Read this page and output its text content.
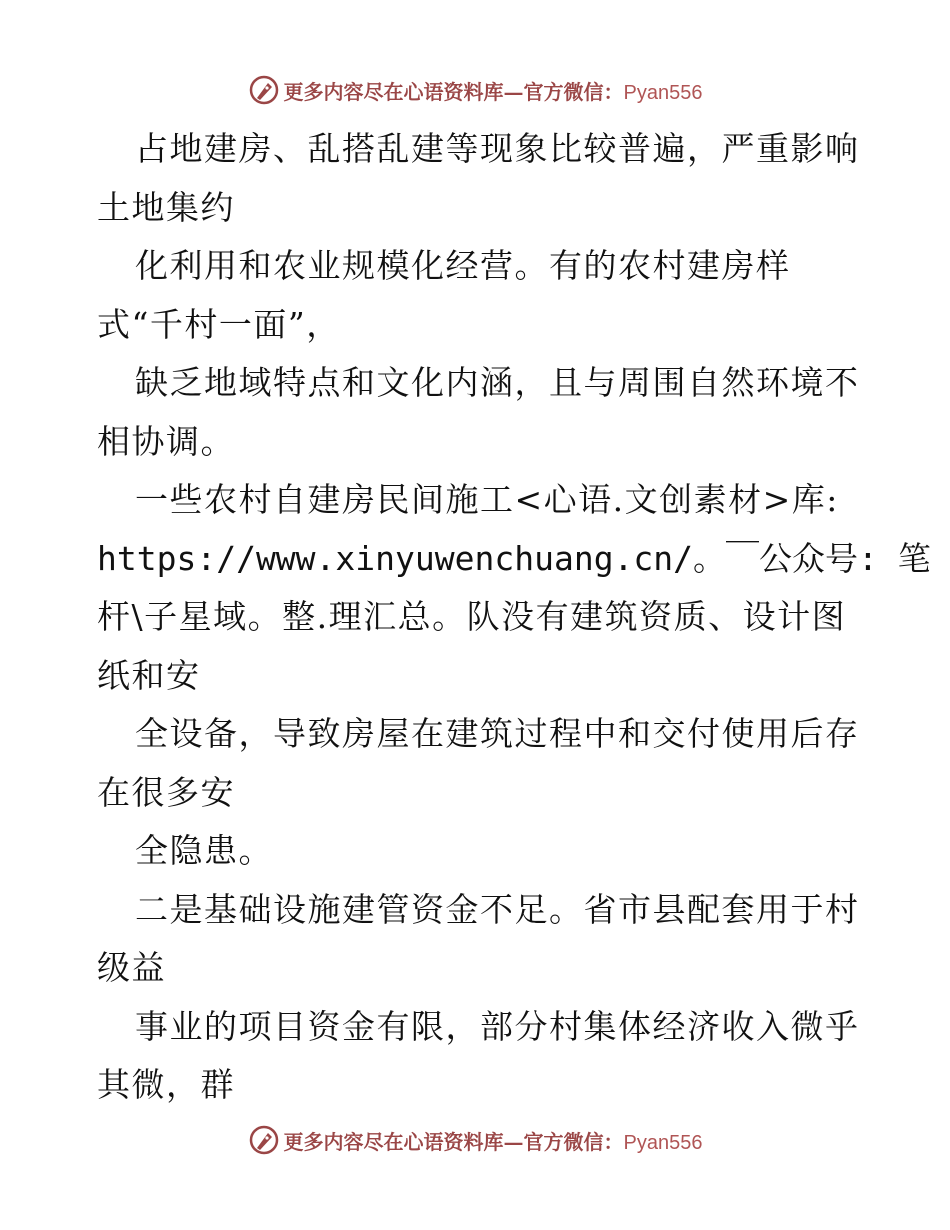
更多内容尽在心语资料库—官方微信：Pyan556
占地建房、乱搭乱建等现象比较普遍，严重影响
土地集约
化利用和农业规模化经营。有的农村建房样
式“千村一面”，
缺乏地域特点和文化内涵，且与周围自然环境不
相协调。
一些农村自建房民间施工<心语.文创素材>库:
https://www.xinyuwenchuang.cn/。￣公众号: 笔
杆\子星域。整.理汇总。队没有建筑资质、设计图
纸和安
全设备，导致房屋在建筑过程中和交付使用后存
在很多安
全隐患。
二是基础设施建管资金不足。省市县配套用于村
级益
事业的项目资金有限，部分村集体经济收入微乎
其微，群
更多内容尽在心语资料库—官方微信：Pyan556
